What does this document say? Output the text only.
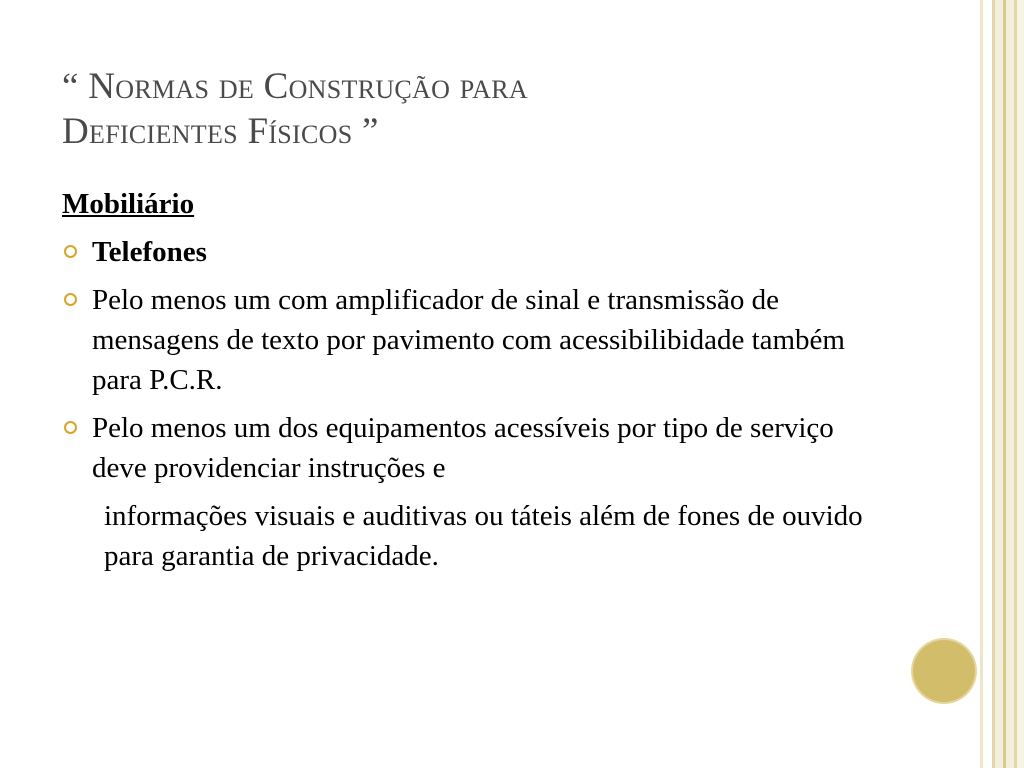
“ Normas de Construção para
Deficientes Físicos ”
Mobiliário
Telefones
Pelo menos um com amplificador de sinal e transmissão de mensagens de texto por pavimento com acessibilibidade também para P.C.R.
Pelo menos um dos equipamentos acessíveis por tipo de serviço deve providenciar instruções e
informações visuais e auditivas ou táteis além de fones de ouvido para garantia de privacidade.
